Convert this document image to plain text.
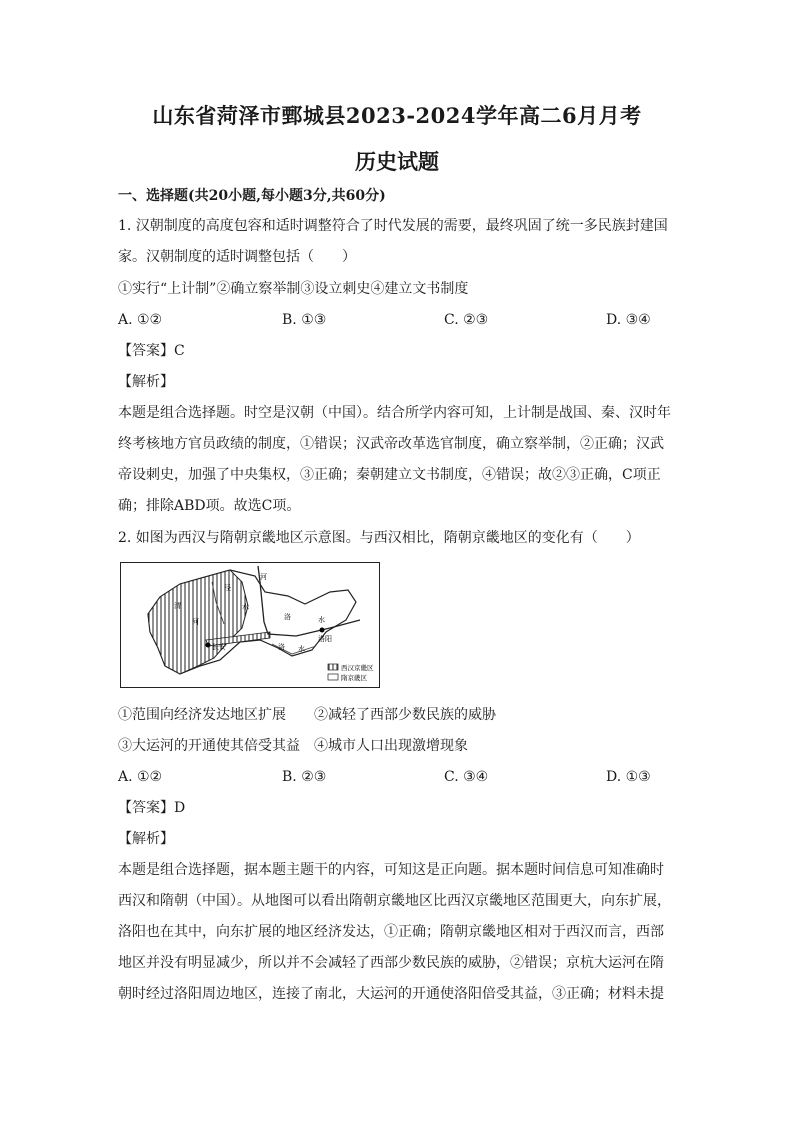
山东省菏泽市鄄城县2023-2024学年高二6月月考
历史试题
一、选择题(共20小题,每小题3分,共60分)
1. 汉朝制度的高度包容和适时调整符合了时代发展的需要，最终巩固了统一多民族封建国
家。汉朝制度的适时调整包括（　　）
①实行“上计制”②确立察举制③设立刺史④建立文书制度
A. ①②	B. ①③	C. ②③	D. ③④
【答案】C
【解析】
本题是组合选择题。时空是汉朝（中国）。结合所学内容可知，上计制是战国、秦、汉时年
终考核地方官员政绩的制度，①错误；汉武帝改革选官制度，确立察举制，②正确；汉武
帝设刺史，加强了中央集权，③正确；秦朝建立文书制度，④错误；故②③正确，C项正
确；排除ABD项。故选C项。
2. 如图为西汉与隋朝京畿地区示意图。与西汉相比，隋朝京畿地区的变化有（　　）
河
泾
渭	水
洛
河	水
长安
洛阳
洛 水
西汉京畿区
隋京畿区
①范围向经济发达地区扩展　　②减轻了西部少数民族的威胁
③大运河的开通使其倍受其益　④城市人口出现激增现象
A. ①②	B. ②③	C. ③④	D. ①③
【答案】D
【解析】
本题是组合选择题，据本题主题干的内容，可知这是正向题。据本题时间信息可知准确时
西汉和隋朝（中国）。从地图可以看出隋朝京畿地区比西汉京畿地区范围更大，向东扩展，
洛阳也在其中，向东扩展的地区经济发达，①正确；隋朝京畿地区相对于西汉而言，西部
地区并没有明显减少，所以并不会减轻了西部少数民族的威胁，②错误；京杭大运河在隋
朝时经过洛阳周边地区，连接了南北，大运河的开通使洛阳倍受其益，③正确；材料未提
